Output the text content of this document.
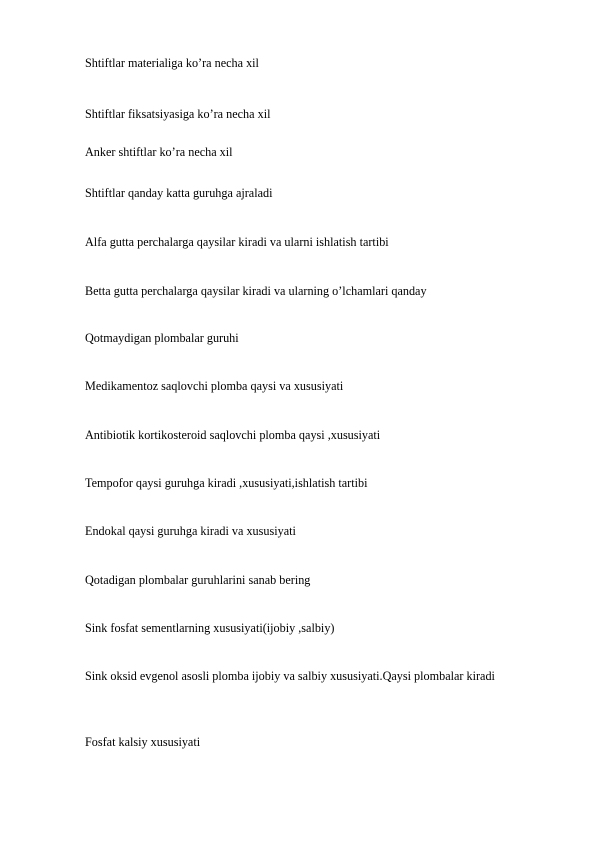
Shtiftlar materialiga ko’ra necha xil
Shtiftlar fiksatsiyasiga ko’ra necha xil
Anker shtiftlar ko’ra necha xil
Shtiftlar qanday katta guruhga ajraladi
Alfa gutta perchalarga qaysilar kiradi va ularni ishlatish tartibi
Betta gutta perchalarga qaysilar kiradi va ularning o’lchamlari qanday
Qotmaydigan plombalar guruhi
Medikamentoz saqlovchi plomba qaysi va xususiyati
Antibiotik kortikosteroid saqlovchi plomba qaysi ,xususiyati
Tempofor qaysi guruhga kiradi ,xususiyati,ishlatish tartibi
Endokal qaysi guruhga kiradi va xususiyati
Qotadigan plombalar guruhlarini sanab bering
Sink fosfat sementlarning xususiyati(ijobiy ,salbiy)
Sink oksid evgenol asosli plomba ijobiy va salbiy xususiyati.Qaysi plombalar kiradi
Fosfat kalsiy xususiyati
